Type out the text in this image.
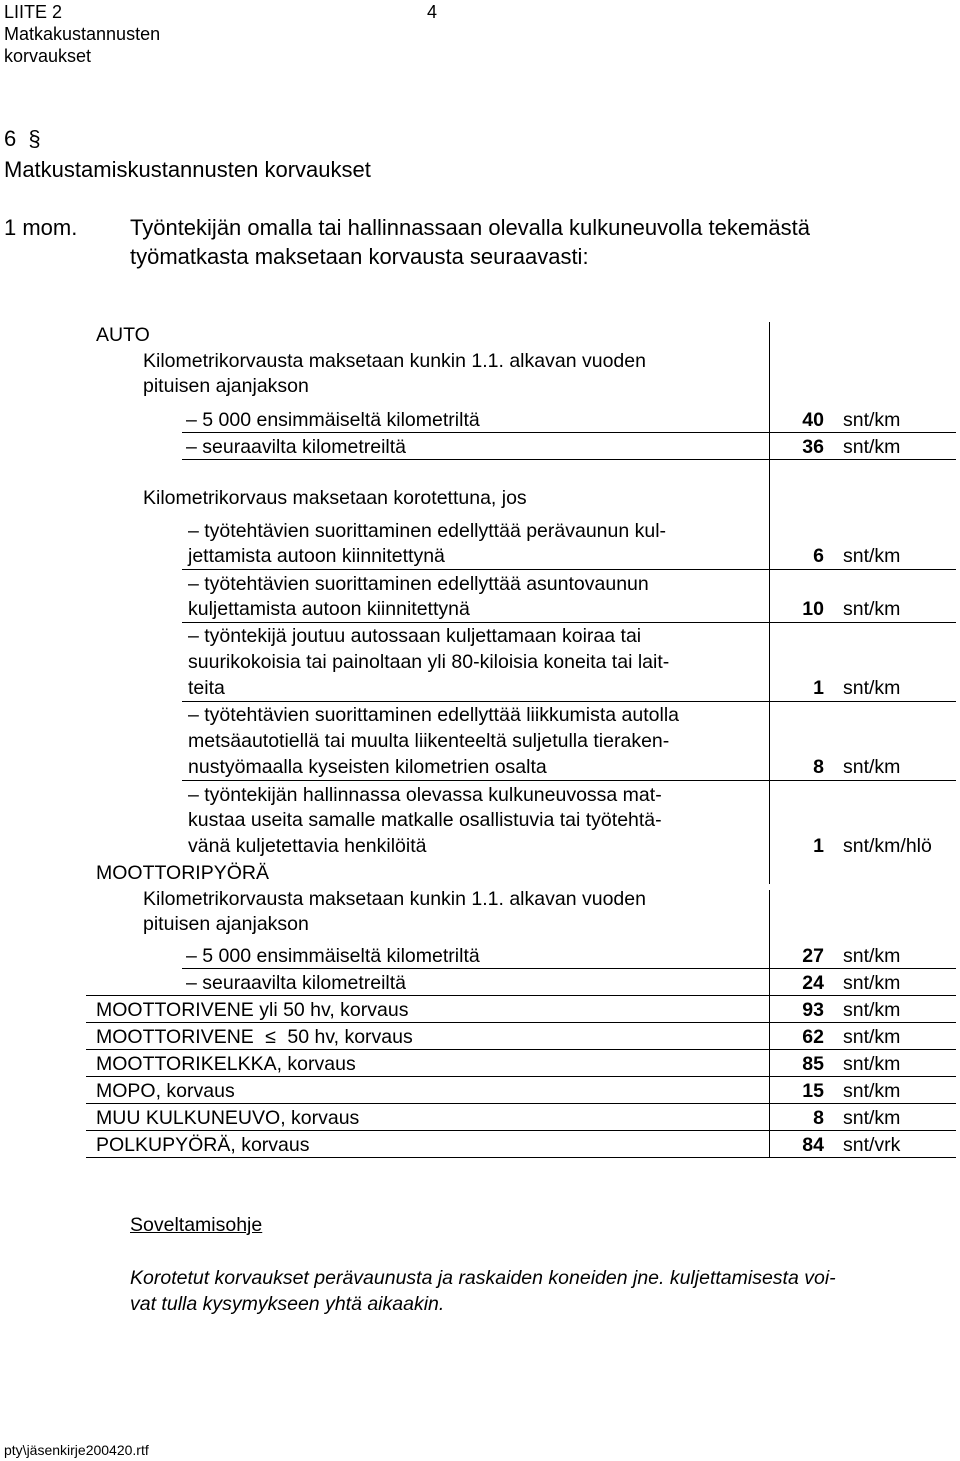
LIITE 2
Matkakustannusten
korvaukset
4
6 §
Matkustamiskustannusten korvaukset
1 mom. Työntekijän omalla tai hallinnassaan olevalla kulkuneuvolla tekemästä
työmatkasta maksetaan korvausta seuraavasti:
AUTO
Kilometrikorvausta maksetaan kunkin 1.1. alkavan vuoden
pituisen ajanjakson
– 5 000 ensimmäiseltä kilometriltä	40 snt/km
– seuraavilta kilometreiltä	36 snt/km
Kilometrikorvaus maksetaan korotettuna, jos
– työtehtävien suorittaminen edellyttää perävaunun kul-
jettamista autoon kiinnitettynä	6 snt/km
– työtehtävien suorittaminen edellyttää asuntovaunun
kuljettamista autoon kiinnitettynä	10 snt/km
– työntekijä joutuu autossaan kuljettamaan koiraa tai
suurikokoisia tai painoltaan yli 80-kiloisia koneita tai lait-
teita	1 snt/km
– työtehtävien suorittaminen edellyttää liikkumista autolla
metsäautotiellä tai muulta liikenteeltä suljetulla tieraken-
nustyömaalla kyseisten kilometrien osalta	8 snt/km
– työntekijän hallinnassa olevassa kulkuneuvossa mat-
kustaa useita samalle matkalle osallistuvia tai työtehtä-
vänä kuljetettavia henkilöitä	1 snt/km/hlö
MOOTTORIPYÖRÄ
Kilometrikorvausta maksetaan kunkin 1.1. alkavan vuoden
pituisen ajanjakson
– 5 000 ensimmäiseltä kilometriltä	27 snt/km
– seuraavilta kilometreiltä	24 snt/km
MOOTTORIVENE yli 50 hv, korvaus	93 snt/km
MOOTTORIVENE ≤ 50 hv, korvaus	62 snt/km
MOOTTORIKELKKA, korvaus	85 snt/km
MOPO, korvaus	15 snt/km
MUU KULKUNEUVO, korvaus	8 snt/km
POLKUPYÖRÄ, korvaus	84 snt/vrk
Soveltamisohje
Korotetut korvaukset perävaunusta ja raskaiden koneiden jne. kuljettamisesta voi-
vat tulla kysymykseen yhtä aikaakin.
pty\jäsenkirje200420.rtf
